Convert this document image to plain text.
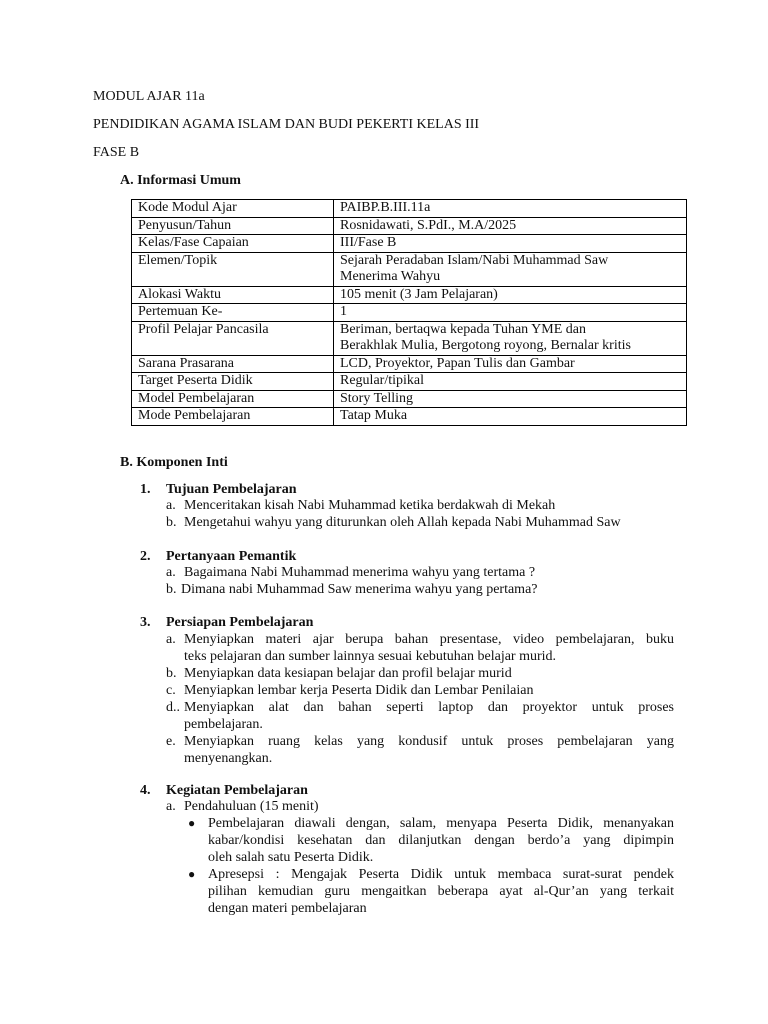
MODUL AJAR 11a
PENDIDIKAN AGAMA ISLAM DAN BUDI PEKERTI KELAS III
FASE B
A. Informasi Umum
Kode Modul Ajar	PAIBP.B.III.11a

Penyusun/Tahun	Rosnidawati, S.PdI., M.A/2025

Kelas/Fase Capaian	III/Fase B

Elemen/Topik	Sejarah Peradaban Islam/Nabi Muhammad Saw
Menerima Wahyu

Alokasi Waktu	105 menit (3 Jam Pelajaran)

Pertemuan Ke-	1

Profil Pelajar Pancasila	Beriman, bertaqwa kepada Tuhan YME dan
Berakhlak Mulia, Bergotong royong, Bernalar kritis

Sarana Prasarana	LCD, Proyektor, Papan Tulis dan Gambar

Target Peserta Didik	Regular/tipikal

Model Pembelajaran	Story Telling

Mode Pembelajaran	Tatap Muka
B. Komponen Inti
1. Tujuan Pembelajaran
a. Menceritakan kisah Nabi Muhammad ketika berdakwah di Mekah
b. Mengetahui wahyu yang diturunkan oleh Allah kepada Nabi Muhammad Saw
2. Pertanyaan Pemantik
a. Bagaimana Nabi Muhammad menerima wahyu yang tertama ?
b. Dimana nabi Muhammad Saw menerima wahyu yang pertama?
3. Persiapan Pembelajaran
a. Menyiapkan materi ajar berupa bahan presentase, video pembelajaran, buku
teks pelajaran dan sumber lainnya sesuai kebutuhan belajar murid.
b. Menyiapkan data kesiapan belajar dan profil belajar murid
c. Menyiapkan lembar kerja Peserta Didik dan Lembar Penilaian
d.. Menyiapkan alat dan bahan seperti laptop dan proyektor untuk proses
pembelajaran.
e. Menyiapkan ruang kelas yang kondusif untuk proses pembelajaran yang
menyenangkan.
4. Kegiatan Pembelajaran
a. Pendahuluan (15 menit)
● Pembelajaran diawali dengan, salam, menyapa Peserta Didik, menanyakan
kabar/kondisi kesehatan dan dilanjutkan dengan berdo’a yang dipimpin
oleh salah satu Peserta Didik.
● Apresepsi : Mengajak Peserta Didik untuk membaca surat-surat pendek
pilihan kemudian guru mengaitkan beberapa ayat al-Qur’an yang terkait
dengan materi pembelajaran
